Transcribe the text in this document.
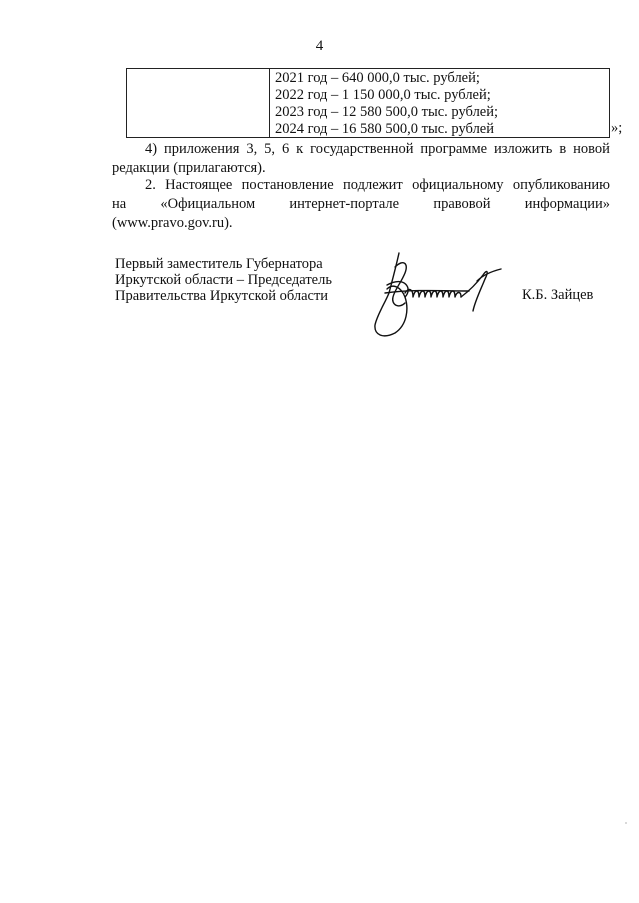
4
2021 год – 640 000,0 тыс. рублей;
2022 год – 1 150 000,0 тыс. рублей;
2023 год – 12 580 500,0 тыс. рублей;
2024 год – 16 580 500,0 тыс. рублей	»;
4) приложения 3, 5, 6 к государственной программе изложить в новой
редакции (прилагаются).
2. Настоящее постановление подлежит официальному опубликованию
на «Официальном интернет-портале правовой информации»
(www.pravo.gov.ru).
Первый заместитель Губернатора
Иркутской области – Председатель
Правительства Иркутской области	К.Б. Зайцев
